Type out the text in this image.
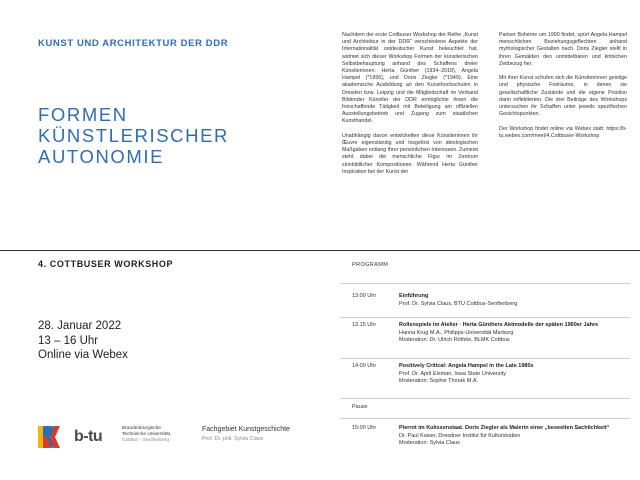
KUNST UND ARCHITEKTUR DER DDR
FORMEN
KÜNSTLERISCHER
AUTONOMIE

Nachdem der erste Cottbuser Workshop der Reihe „Kunst und Architektur in der DDR“ verschiedene Aspekte der Internationalität ostdeutscher Kunst beleuchtet hat, widmet sich dieser Workshop Formen der künstlerischen Selbstbehauptung anhand des Schaffens dreier Künstlerinnen: Herta Günther (1934–2018), Angela Hampel (*1956), und Doris Ziegler (*1949). Eine akademische Ausbildung an den Kunsthochschulen in Dresden bzw. Leipzig und die Mitgliedschaft im Verband Bildender Künstler der DDR ermöglichte ihnen die freischaffende Tätigkeit mit Beteiligung am offiziellen Ausstellungsbetrieb und Zugang zum staatlichen Kunsthandel.

Unabhängig davon entwickelten diese Künstlerinnen ihr Œuvre eigenständig und losgelöst von ideologischen Maßgaben entlang ihrer persönlichen Interessen. Zumeist steht dabei die menschliche Figur im Zentrum sinnbildlicher Kompositionen. Während Herta Günther Inspiration bei der Kunst der

Pariser Bohème um 1900 findet, spürt Angela Hampel menschlichen Beziehungsgeflechten anhand mythologischer Gestalten nach. Doris Ziegler stellt in ihren Gemälden den unmittelbaren und kritischen Zeitbezug her.

Mit ihrer Kunst schufen sich die Künstlerinnen geistige und physische Freiräume, in denen sie gesellschaftliche Zustände und die eigene Position darin reflektierten. Die drei Beiträge des Workshops untersuchen ihr Schaffen unter jeweils spezifischen Gesichtspunkten.

Der Workshop findet online via Webex statt: https://b-tu.webex.com/meet/4.Cottbuser-Workshop

4. COTTBUSER WORKSHOP
28. Januar 2022
13 – 16 Uhr
Online via Webex
PROGRAMM
13:00 Uhr	Einführung
Prof. Dr. Sylvia Claus, BTU Cottbus-Senftenberg
13.15 Uhr	Rollenspiele im Atelier · Herta Günthers Aktmodelle der späten 1960er Jahre
Hanna Krug M.A., Philipps-Universität Marburg
Moderation: Dr. Ulrich Röthke, BLMK Cottbus
14:00 Uhr	Positively Critical: Angela Hampel in the Late 1980s
Prof. Dr. April Eisman, Iowa State University
Moderation: Sophie Thorak M.A.
Pause
15:00 Uhr	Pierrot im Kulissenstaat. Doris Ziegler als Malerin einer „beseelten Sachlichkeit“
Dr. Paul Kaiser, Dresdner Institut für Kulturstudien
Moderation: Sylvia Claus
b-tu	Brandenburgische
Technische Universität
Cottbus - Senftenberg
Fachgebiet Kunstgeschichte
Prof. Dr. phil. Sylvia Claus
